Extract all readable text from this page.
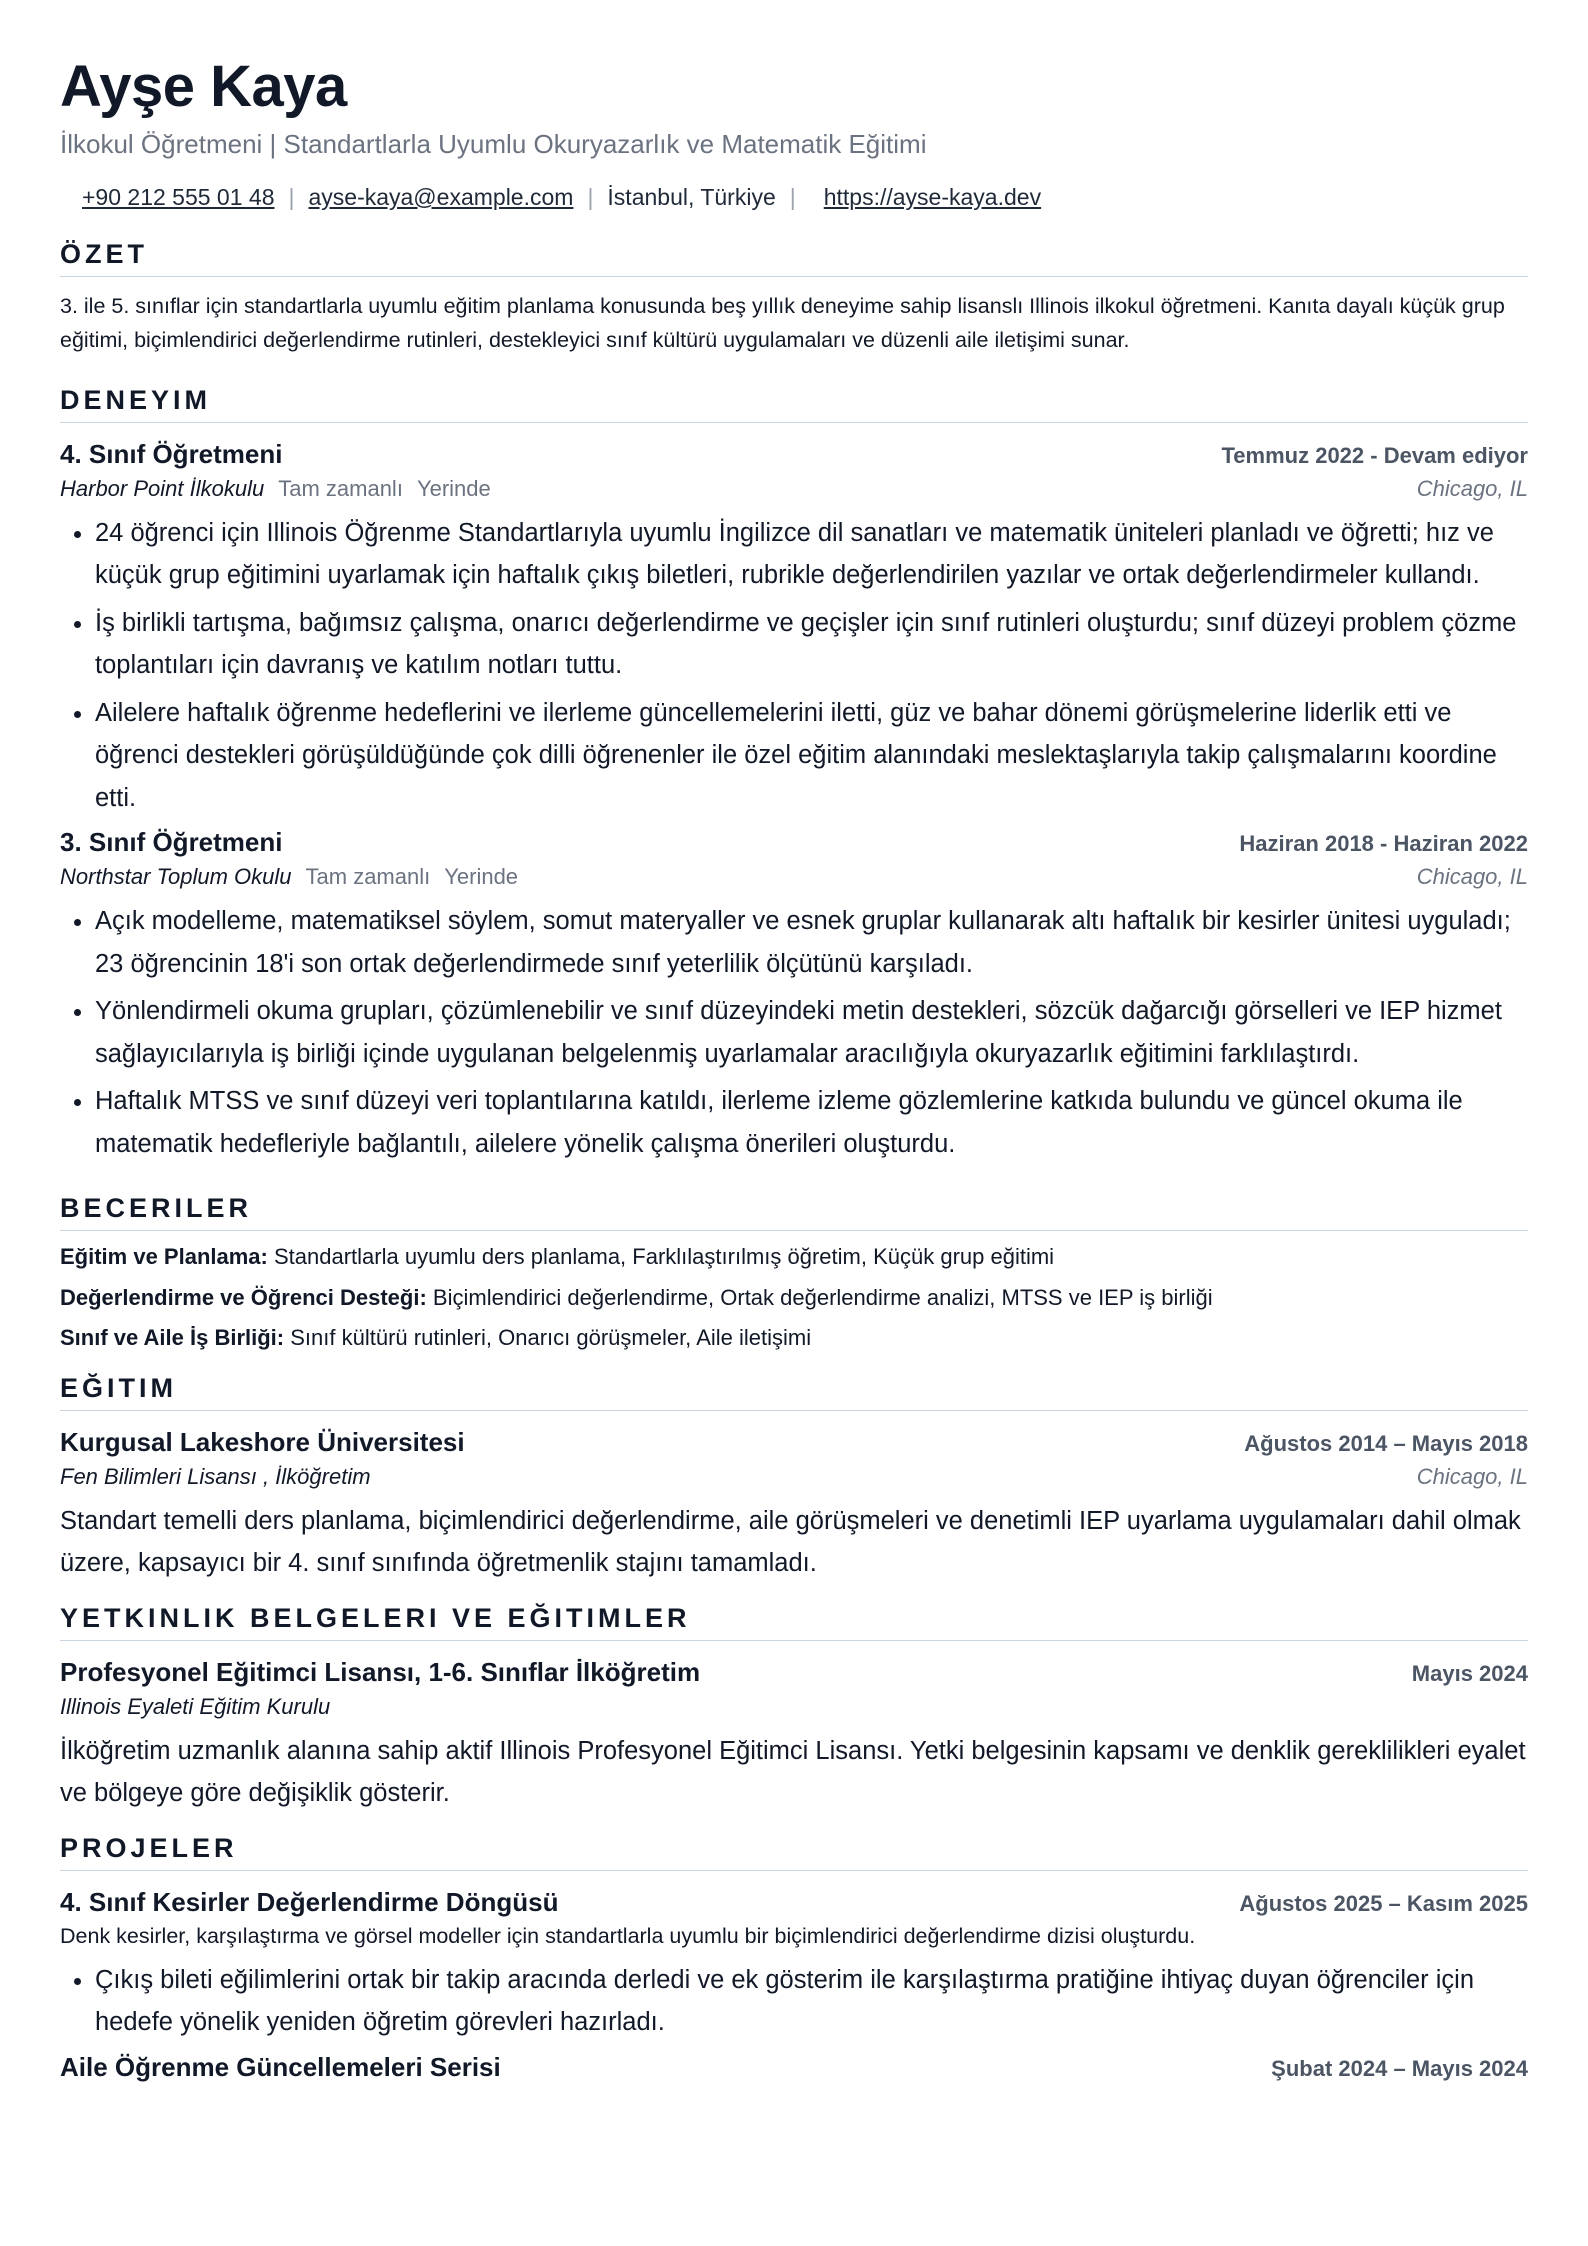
Ayşe Kaya
İlkokul Öğretmeni | Standartlarla Uyumlu Okuryazarlık ve Matematik Eğitimi
+90 212 555 01 48 | ayse-kaya@example.com | İstanbul, Türkiye | https://ayse-kaya.dev
ÖZET
3. ile 5. sınıflar için standartlarla uyumlu eğitim planlama konusunda beş yıllık deneyime sahip lisanslı Illinois ilkokul öğretmeni. Kanıta dayalı küçük grup eğitimi, biçimlendirici değerlendirme rutinleri, destekleyici sınıf kültürü uygulamaları ve düzenli aile iletişimi sunar.
DENEYIM
4. Sınıf Öğretmeni	Temmuz 2022 - Devam ediyor
Harbor Point İlkokulu Tam zamanlı Yerinde	Chicago, IL
• 24 öğrenci için Illinois Öğrenme Standartlarıyla uyumlu İngilizce dil sanatları ve matematik üniteleri planladı ve öğretti; hız ve küçük grup eğitimini uyarlamak için haftalık çıkış biletleri, rubrikle değerlendirilen yazılar ve ortak değerlendirmeler kullandı.
• İş birlikli tartışma, bağımsız çalışma, onarıcı değerlendirme ve geçişler için sınıf rutinleri oluşturdu; sınıf düzeyi problem çözme toplantıları için davranış ve katılım notları tuttu.
• Ailelere haftalık öğrenme hedeflerini ve ilerleme güncellemelerini iletti, güz ve bahar dönemi görüşmelerine liderlik etti ve öğrenci destekleri görüşüldüğünde çok dilli öğrenenler ile özel eğitim alanındaki meslektaşlarıyla takip çalışmalarını koordine etti.
3. Sınıf Öğretmeni	Haziran 2018 - Haziran 2022
Northstar Toplum Okulu Tam zamanlı Yerinde	Chicago, IL
• Açık modelleme, matematiksel söylem, somut materyaller ve esnek gruplar kullanarak altı haftalık bir kesirler ünitesi uyguladı; 23 öğrencinin 18'i son ortak değerlendirmede sınıf yeterlilik ölçütünü karşıladı.
• Yönlendirmeli okuma grupları, çözümlenebilir ve sınıf düzeyindeki metin destekleri, sözcük dağarcığı görselleri ve IEP hizmet sağlayıcılarıyla iş birliği içinde uygulanan belgelenmiş uyarlamalar aracılığıyla okuryazarlık eğitimini farklılaştırdı.
• Haftalık MTSS ve sınıf düzeyi veri toplantılarına katıldı, ilerleme izleme gözlemlerine katkıda bulundu ve güncel okuma ile matematik hedefleriyle bağlantılı, ailelere yönelik çalışma önerileri oluşturdu.
BECERILER
Eğitim ve Planlama: Standartlarla uyumlu ders planlama, Farklılaştırılmış öğretim, Küçük grup eğitimi
Değerlendirme ve Öğrenci Desteği: Biçimlendirici değerlendirme, Ortak değerlendirme analizi, MTSS ve IEP iş birliği
Sınıf ve Aile İş Birliği: Sınıf kültürü rutinleri, Onarıcı görüşmeler, Aile iletişimi
EĞITIM
Kurgusal Lakeshore Üniversitesi	Ağustos 2014 – Mayıs 2018
Fen Bilimleri Lisansı , İlköğretim	Chicago, IL
Standart temelli ders planlama, biçimlendirici değerlendirme, aile görüşmeleri ve denetimli IEP uyarlama uygulamaları dahil olmak üzere, kapsayıcı bir 4. sınıf sınıfında öğretmenlik stajını tamamladı.
YETKINLIK BELGELERI VE EĞITIMLER
Profesyonel Eğitimci Lisansı, 1-6. Sınıflar İlköğretim	Mayıs 2024
Illinois Eyaleti Eğitim Kurulu
İlköğretim uzmanlık alanına sahip aktif Illinois Profesyonel Eğitimci Lisansı. Yetki belgesinin kapsamı ve denklik gereklilikleri eyalet ve bölgeye göre değişiklik gösterir.
PROJELER
4. Sınıf Kesirler Değerlendirme Döngüsü	Ağustos 2025 – Kasım 2025
Denk kesirler, karşılaştırma ve görsel modeller için standartlarla uyumlu bir biçimlendirici değerlendirme dizisi oluşturdu.
• Çıkış bileti eğilimlerini ortak bir takip aracında derledi ve ek gösterim ile karşılaştırma pratiğine ihtiyaç duyan öğrenciler için hedefe yönelik yeniden öğretim görevleri hazırladı.
Aile Öğrenme Güncellemeleri Serisi	Şubat 2024 – Mayıs 2024
